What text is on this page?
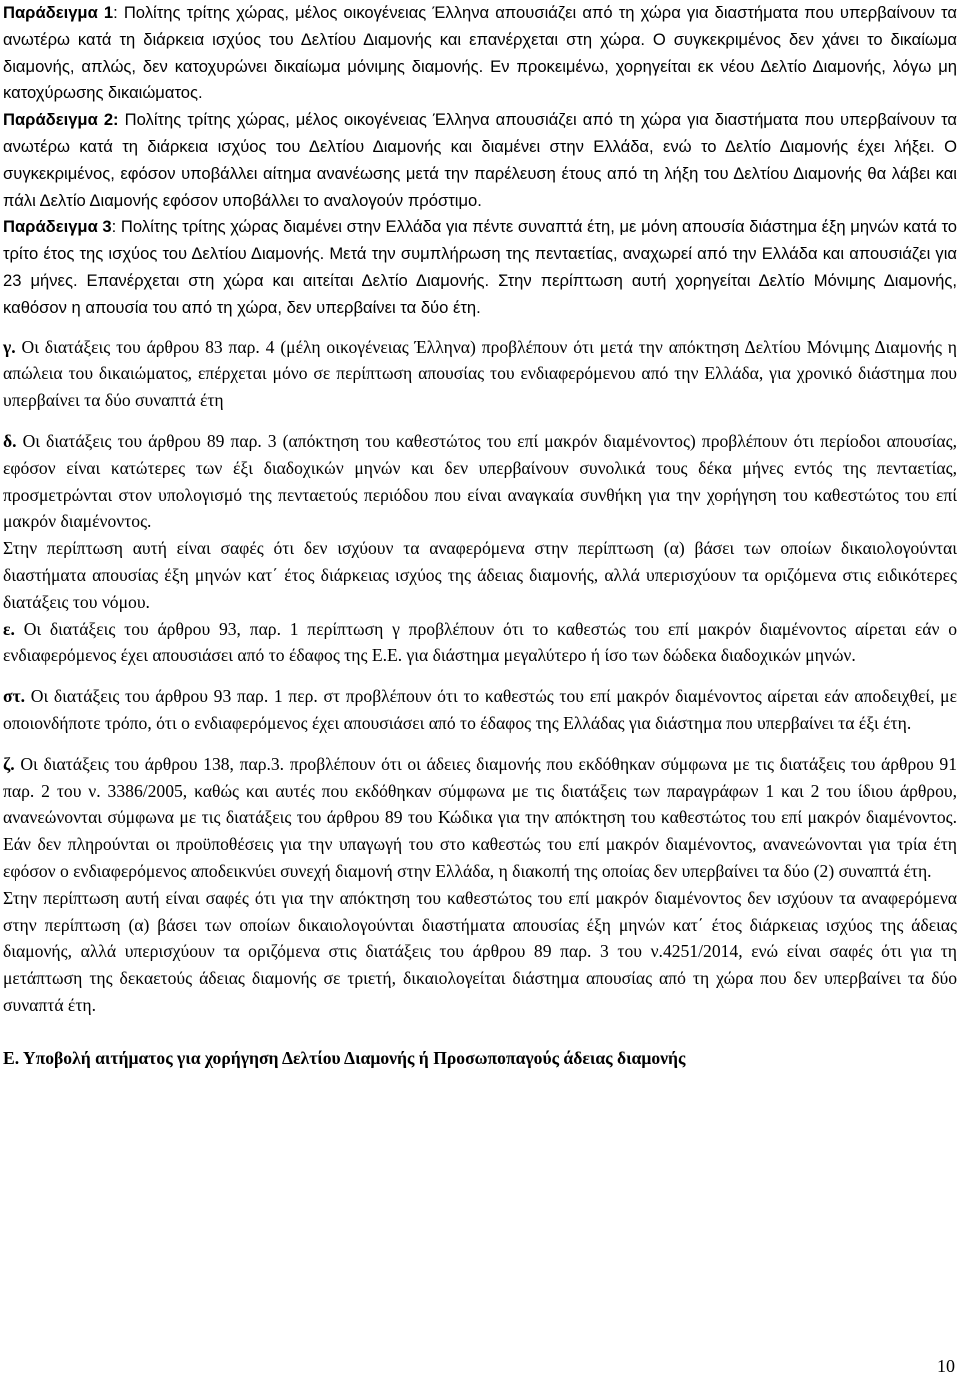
Παράδειγμα 1: Πολίτης τρίτης χώρας, μέλος οικογένειας Έλληνα απουσιάζει από τη χώρα για διαστήματα που υπερβαίνουν τα ανωτέρω κατά τη διάρκεια ισχύος του Δελτίου Διαμονής και επανέρχεται στη χώρα. Ο συγκεκριμένος δεν χάνει το δικαίωμα διαμονής, απλώς, δεν κατοχυρώνει δικαίωμα μόνιμης διαμονής. Εν προκειμένω, χορηγείται εκ νέου Δελτίο Διαμονής, λόγω μη κατοχύρωσης δικαιώματος.

Παράδειγμα 2: Πολίτης τρίτης χώρας, μέλος οικογένειας Έλληνα απουσιάζει από τη χώρα για διαστήματα που υπερβαίνουν τα ανωτέρω κατά τη διάρκεια ισχύος του Δελτίου Διαμονής και διαμένει στην Ελλάδα, ενώ το Δελτίο Διαμονής έχει λήξει. Ο συγκεκριμένος, εφόσον υποβάλλει αίτημα ανανέωσης μετά την παρέλευση έτους από τη λήξη του Δελτίου Διαμονής θα λάβει και πάλι Δελτίο Διαμονής εφόσον υποβάλλει το αναλογούν πρόστιμο.

Παράδειγμα 3: Πολίτης τρίτης χώρας διαμένει στην Ελλάδα για πέντε συναπτά έτη, με μόνη απουσία διάστημα έξη μηνών κατά το τρίτο έτος της ισχύος του Δελτίου Διαμονής. Μετά την συμπλήρωση της πενταετίας, αναχωρεί από την Ελλάδα και απουσιάζει για 23 μήνες. Επανέρχεται στη χώρα και αιτείται Δελτίο Διαμονής. Στην περίπτωση αυτή χορηγείται Δελτίο Μόνιμης Διαμονής, καθόσον η απουσία του από τη χώρα, δεν υπερβαίνει τα δύο έτη.

γ. Οι διατάξεις του άρθρου 83 παρ. 4 (μέλη οικογένειας Έλληνα) προβλέπουν ότι μετά την απόκτηση Δελτίου Μόνιμης Διαμονής η απώλεια του δικαιώματος, επέρχεται μόνο σε περίπτωση απουσίας του ενδιαφερόμενου από την Ελλάδα, για χρονικό διάστημα που υπερβαίνει τα δύο συναπτά έτη

δ. Οι διατάξεις του άρθρου 89 παρ. 3 (απόκτηση του καθεστώτος του επί μακρόν διαμένοντος) προβλέπουν ότι περίοδοι απουσίας, εφόσον είναι κατώτερες των έξι διαδοχικών μηνών και δεν υπερβαίνουν συνολικά τους δέκα μήνες εντός της πενταετίας, προσμετρώνται στον υπολογισμό της πενταετούς περιόδου που είναι αναγκαία συνθήκη για την χορήγηση του καθεστώτος του επί μακρόν διαμένοντος.

Στην περίπτωση αυτή είναι σαφές ότι δεν ισχύουν τα αναφερόμενα στην περίπτωση (α) βάσει των οποίων δικαιολογούνται διαστήματα απουσίας έξη μηνών κατ΄ έτος διάρκειας ισχύος της άδειας διαμονής, αλλά υπερισχύουν τα οριζόμενα στις ειδικότερες διατάξεις του νόμου.

ε. Οι διατάξεις του άρθρου 93, παρ. 1 περίπτωση γ προβλέπουν ότι το καθεστώς του επί μακρόν διαμένοντος αίρεται εάν ο ενδιαφερόμενος έχει απουσιάσει από το έδαφος της Ε.Ε. για διάστημα μεγαλύτερο ή ίσο των δώδεκα διαδοχικών μηνών.

στ. Οι διατάξεις του άρθρου 93 παρ. 1 περ. στ προβλέπουν ότι το καθεστώς του επί μακρόν διαμένοντος αίρεται εάν αποδειχθεί, με οποιονδήποτε τρόπο, ότι ο ενδιαφερόμενος έχει απουσιάσει από το έδαφος της Ελλάδας για διάστημα που υπερβαίνει τα έξι έτη.

ζ. Οι διατάξεις του άρθρου 138, παρ.3. προβλέπουν ότι οι άδειες διαμονής που εκδόθηκαν σύμφωνα με τις διατάξεις του άρθρου 91 παρ. 2 του ν. 3386/2005, καθώς και αυτές που εκδόθηκαν σύμφωνα με τις διατάξεις των παραγράφων 1 και 2 του ίδιου άρθρου, ανανεώνονται σύμφωνα με τις διατάξεις του άρθρου 89 του Κώδικα για την απόκτηση του καθεστώτος του επί μακρόν διαμένοντος. Εάν δεν πληρούνται οι προϋποθέσεις για την υπαγωγή του στο καθεστώς του επί μακρόν διαμένοντος, ανανεώνονται για τρία έτη εφόσον ο ενδιαφερόμενος αποδεικνύει συνεχή διαμονή στην Ελλάδα, η διακοπή της οποίας δεν υπερβαίνει τα δύο (2) συναπτά έτη.

Στην περίπτωση αυτή είναι σαφές ότι για την απόκτηση του καθεστώτος του επί μακρόν διαμένοντος δεν ισχύουν τα αναφερόμενα στην περίπτωση (α) βάσει των οποίων δικαιολογούνται διαστήματα απουσίας έξη μηνών κατ΄ έτος διάρκειας ισχύος της άδειας διαμονής, αλλά υπερισχύουν τα οριζόμενα στις διατάξεις του άρθρου 89 παρ. 3 του ν.4251/2014, ενώ είναι σαφές ότι για τη μετάπτωση της δεκαετούς άδειας διαμονής σε τριετή, δικαιολογείται διάστημα απουσίας από τη χώρα που δεν υπερβαίνει τα δύο συναπτά έτη.

Ε. Υποβολή αιτήματος για χορήγηση Δελτίου Διαμονής ή Προσωποπαγούς άδειας διαμονής

10
